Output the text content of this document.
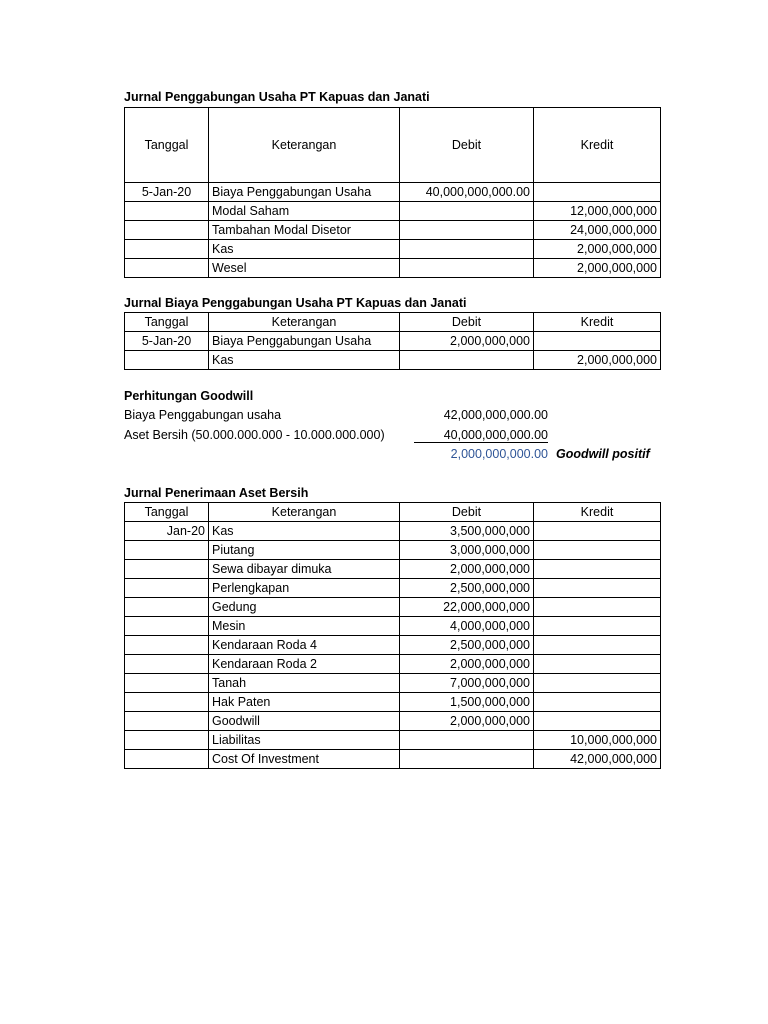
Jurnal Penggabungan Usaha PT Kapuas dan Janati
Tanggal	Keterangan	Debit	Kredit
5-Jan-20	Biaya Penggabungan Usaha	40,000,000,000.00	
	Modal Saham		12,000,000,000
	Tambahan Modal Disetor		24,000,000,000
	Kas		2,000,000,000
	Wesel		2,000,000,000
Jurnal Biaya Penggabungan Usaha PT Kapuas dan Janati
Tanggal	Keterangan	Debit	Kredit
5-Jan-20	Biaya Penggabungan Usaha	2,000,000,000	
	Kas		2,000,000,000
Perhitungan Goodwill
Biaya Penggabungan usaha	42,000,000,000.00
Aset Bersih (50.000.000.000 - 10.000.000.000)	40,000,000,000.00
2,000,000,000.00 Goodwill positif
Jurnal Penerimaan Aset Bersih
Tanggal	Keterangan	Debit	Kredit
Jan-20	Kas	3,500,000,000	
	Piutang	3,000,000,000	
	Sewa dibayar dimuka	2,000,000,000	
	Perlengkapan	2,500,000,000	
	Gedung	22,000,000,000	
	Mesin	4,000,000,000	
	Kendaraan Roda 4	2,500,000,000	
	Kendaraan Roda 2	2,000,000,000	
	Tanah	7,000,000,000	
	Hak Paten	1,500,000,000	
	Goodwill	2,000,000,000	
	Liabilitas		10,000,000,000
	Cost Of Investment		42,000,000,000
